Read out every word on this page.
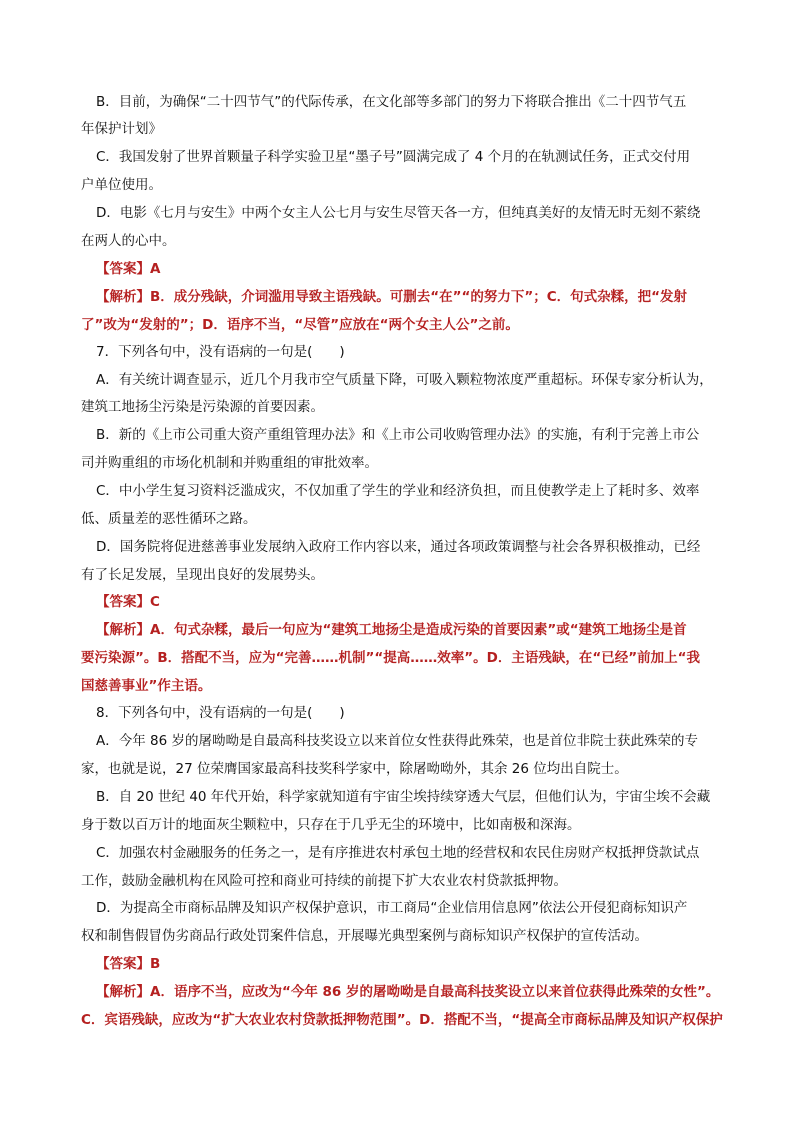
B．目前，为确保“二十四节气”的代际传承，在文化部等多部门的努力下将联合推出《二十四节气五
年保护计划》
C．我国发射了世界首颗量子科学实验卫星“墨子号”圆满完成了 4 个月的在轨测试任务，正式交付用
户单位使用。
D．电影《七月与安生》中两个女主人公七月与安生尽管天各一方，但纯真美好的友情无时无刻不萦绕
在两人的心中。
【答案】A
【解析】B．成分残缺，介词滥用导致主语残缺。可删去“在”“的努力下”；C．句式杂糅，把“发射
了”改为“发射的”；D．语序不当，“尽管”应放在“两个女主人公”之前。
7．下列各句中，没有语病的一句是(　　)
A．有关统计调查显示，近几个月我市空气质量下降，可吸入颗粒物浓度严重超标。环保专家分析认为，
建筑工地扬尘污染是污染源的首要因素。
B．新的《上市公司重大资产重组管理办法》和《上市公司收购管理办法》的实施，有利于完善上市公
司并购重组的市场化机制和并购重组的审批效率。
C．中小学生复习资料泛滥成灾，不仅加重了学生的学业和经济负担，而且使教学走上了耗时多、效率
低、质量差的恶性循环之路。
D．国务院将促进慈善事业发展纳入政府工作内容以来，通过各项政策调整与社会各界积极推动，已经
有了长足发展，呈现出良好的发展势头。
【答案】C
【解析】A．句式杂糅，最后一句应为“建筑工地扬尘是造成污染的首要因素”或“建筑工地扬尘是首
要污染源”。B．搭配不当，应为“完善……机制”“提高……效率”。D．主语残缺，在“已经”前加上“我
国慈善事业”作主语。
8．下列各句中，没有语病的一句是(　　)
A．今年 86 岁的屠呦呦是自最高科技奖设立以来首位女性获得此殊荣，也是首位非院士获此殊荣的专
家，也就是说，27 位荣膺国家最高科技奖科学家中，除屠呦呦外，其余 26 位均出自院士。
B．自 20 世纪 40 年代开始，科学家就知道有宇宙尘埃持续穿透大气层，但他们认为，宇宙尘埃不会藏
身于数以百万计的地面灰尘颗粒中，只存在于几乎无尘的环境中，比如南极和深海。
C．加强农村金融服务的任务之一，是有序推进农村承包土地的经营权和农民住房财产权抵押贷款试点
工作，鼓励金融机构在风险可控和商业可持续的前提下扩大农业农村贷款抵押物。
D．为提高全市商标品牌及知识产权保护意识，市工商局“企业信用信息网”依法公开侵犯商标知识产
权和制售假冒伪劣商品行政处罚案件信息，开展曝光典型案例与商标知识产权保护的宣传活动。
【答案】B
【解析】A．语序不当，应改为“今年 86 岁的屠呦呦是自最高科技奖设立以来首位获得此殊荣的女性”。
C．宾语残缺，应改为“扩大农业农村贷款抵押物范围”。D．搭配不当，“提高全市商标品牌及知识产权保护
